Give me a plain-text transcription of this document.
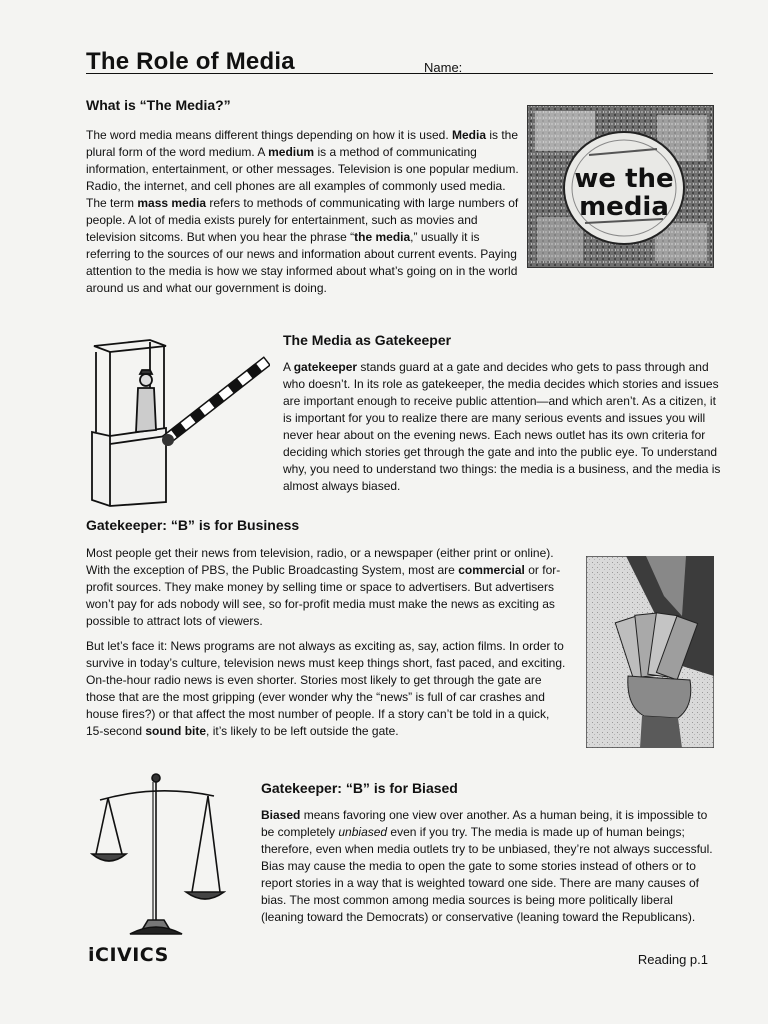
The Role of Media	Name:
What is “The Media?”

The word media means different things depending on how it is used. Media is the plural form of the word medium. A medium is a method of communicating information, entertainment, or other messages. Television is one popular medium. Radio, the internet, and cell phones are all examples of commonly used media. The term mass media refers to methods of communicating with large numbers of people. A lot of media exists purely for entertainment, such as movies and television sitcoms. But when you hear the phrase “the media,” usually it is referring to the sources of our news and information about current events. Paying attention to the media is how we stay informed about what’s going on in the world around us and what our government is doing.

we the
media
The Media as Gatekeeper

A gatekeeper stands guard at a gate and decides who gets to pass through and who doesn’t. In its role as gatekeeper, the media decides which stories and issues are important enough to receive public attention—and which aren’t. As a citizen, it is important for you to realize there are many serious events and issues you will never hear about on the evening news. Each news outlet has its own criteria for deciding which stories get through the gate and into the public eye. To understand why, you need to understand two things: the media is a business, and the media is almost always biased.

Gatekeeper: “B” is for Business

Most people get their news from television, radio, or a newspaper (either print or online). With the exception of PBS, the Public Broadcasting System, most are commercial or for-profit sources. They make money by selling time or space to advertisers. But advertisers won’t pay for ads nobody will see, so for-profit media must make the news as exciting as possible to attract lots of viewers.

But let’s face it: News programs are not always as exciting as, say, action films. In order to survive in today’s culture, television news must keep things short, fast paced, and exciting. On-the-hour radio news is even shorter. Stories most likely to get through the gate are those that are the most gripping (ever wonder why the “news” is full of car crashes and house fires?) or that affect the most number of people. If a story can’t be told in a quick, 15-second sound bite, it’s likely to be left outside the gate.

Gatekeeper: “B” is for Biased

Biased means favoring one view over another. As a human being, it is impossible to be completely unbiased even if you try. The media is made up of human beings; therefore, even when media outlets try to be unbiased, they’re not always successful. Bias may cause the media to open the gate to some stories instead of others or to report stories in a way that is weighted toward one side. There are many causes of bias. The most common among media sources is being more politically liberal (leaning toward the Democrats) or conservative (leaning toward the Republicans).

iCIVICS	Reading p.1
